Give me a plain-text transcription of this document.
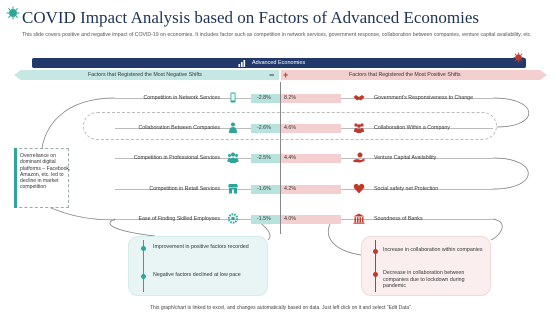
COVID Impact Analysis based on Factors of Advanced Economies
This slide covers positive and negative impact of COVID-19 on economies. It includes factor such as competition in network services, government response, collaboration between companies, venture capital availability, etc.
Advanced Economies
Factors that Registered the Most Negative Shifts	Factors that Registered the Most Positive Shifts
− +
Competition in Network Services	-2.8%	8.2%	Government's Responsiveness to Change
Collaboration Between Companies	-2.6%	4.6%	Collaboration Within a Company
Competition in Professional Services	-2.5%	4.4%	Venture Capital Availability
Competition in Retail Services	-1.6%	4.2%	Social safety net Protection
Ease of Finding Skilled Employees	-1.5%	4.0%	Soundness of Banks
Overreliance on dominant digital platforms – Facebook, Amazon, etc. led to decline in market competition
Improvement in positive factors recorded
Negative factors declined at low pace
Increase in collaboration within companies
Decrease in collaboration between companies due to lockdown during pandemic
This graph/chart is linked to excel, and changes automatically based on data. Just left click on it and select "Edit Data".
